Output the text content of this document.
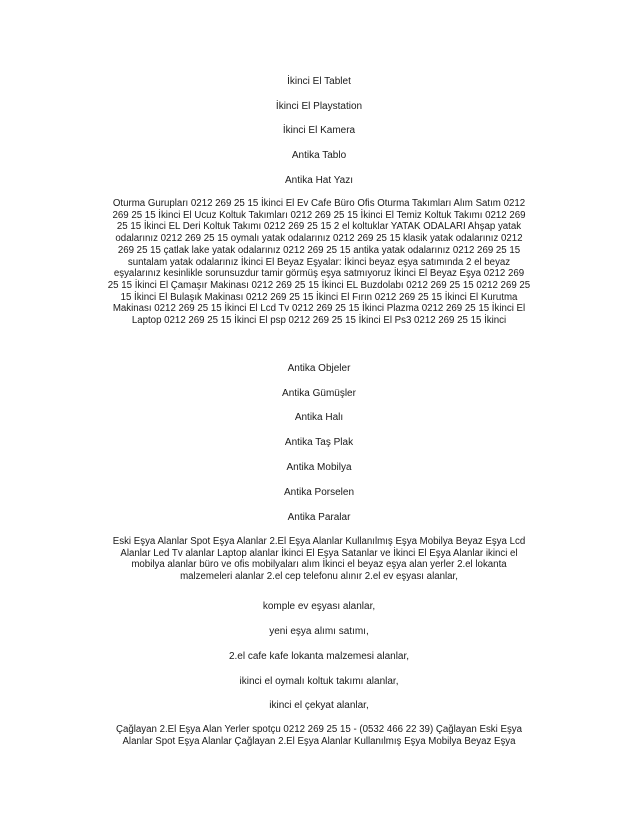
İkinci El Tablet
İkinci El Playstation
İkinci El Kamera
Antika Tablo
Antika Hat Yazı
Oturma Gurupları 0212 269 25 15 İkinci El Ev Cafe Büro Ofis Oturma Takımları Alım Satım 0212
269 25 15 İkinci El Ucuz Koltuk Takımları 0212 269 25 15 İkinci El Temiz Koltuk Takımı 0212 269
25 15 İkinci EL Deri Koltuk Takımı 0212 269 25 15 2 el koltuklar YATAK ODALARI Ahşap yatak
odalarınız 0212 269 25 15 oymalı yatak odalarınız 0212 269 25 15 klasik yatak odalarınız 0212
269 25 15 çatlak lake yatak odalarınız 0212 269 25 15 antika yatak odalarınız 0212 269 25 15
suntalam yatak odalarınız İkinci El Beyaz Eşyalar: İkinci beyaz eşya satımında 2 el beyaz
eşyalarınız kesinlikle sorunsuzdur tamir görmüş eşya satmıyoruz İkinci El Beyaz Eşya 0212 269
25 15 İkinci El Çamaşır Makinası 0212 269 25 15 İkinci EL Buzdolabı 0212 269 25 15 0212 269 25
15 İkinci El Bulaşık Makinası 0212 269 25 15 İkinci El Fırın 0212 269 25 15 İkinci El Kurutma
Makinası 0212 269 25 15 İkinci El Lcd Tv 0212 269 25 15 İkinci Plazma 0212 269 25 15 İkinci El
Laptop 0212 269 25 15 İkinci El psp 0212 269 25 15 İkinci El Ps3 0212 269 25 15 İkinci
Antika Objeler
Antika Gümüşler
Antika Halı
Antika Taş Plak
Antika Mobilya
Antika Porselen
Antika Paralar
Eski Eşya Alanlar Spot Eşya Alanlar 2.El Eşya Alanlar Kullanılmış Eşya Mobilya Beyaz Eşya Lcd
Alanlar Led Tv alanlar Laptop alanlar İkinci El Eşya Satanlar ve İkinci El Eşya Alanlar ikinci el
mobilya alanlar büro ve ofis mobilyaları alım İkinci el beyaz eşya alan yerler 2.el lokanta
malzemeleri alanlar 2.el cep telefonu alınır 2.el ev eşyası alanlar,
komple ev eşyası alanlar,
yeni eşya alımı satımı,
2.el cafe kafe lokanta malzemesi alanlar,
ikinci el oymalı koltuk takımı alanlar,
ikinci el çekyat alanlar,
Çağlayan 2.El Eşya Alan Yerler spotçu 0212 269 25 15 - (0532 466 22 39) Çağlayan Eski Eşya
Alanlar Spot Eşya Alanlar Çağlayan 2.El Eşya Alanlar Kullanılmış Eşya Mobilya Beyaz Eşya
